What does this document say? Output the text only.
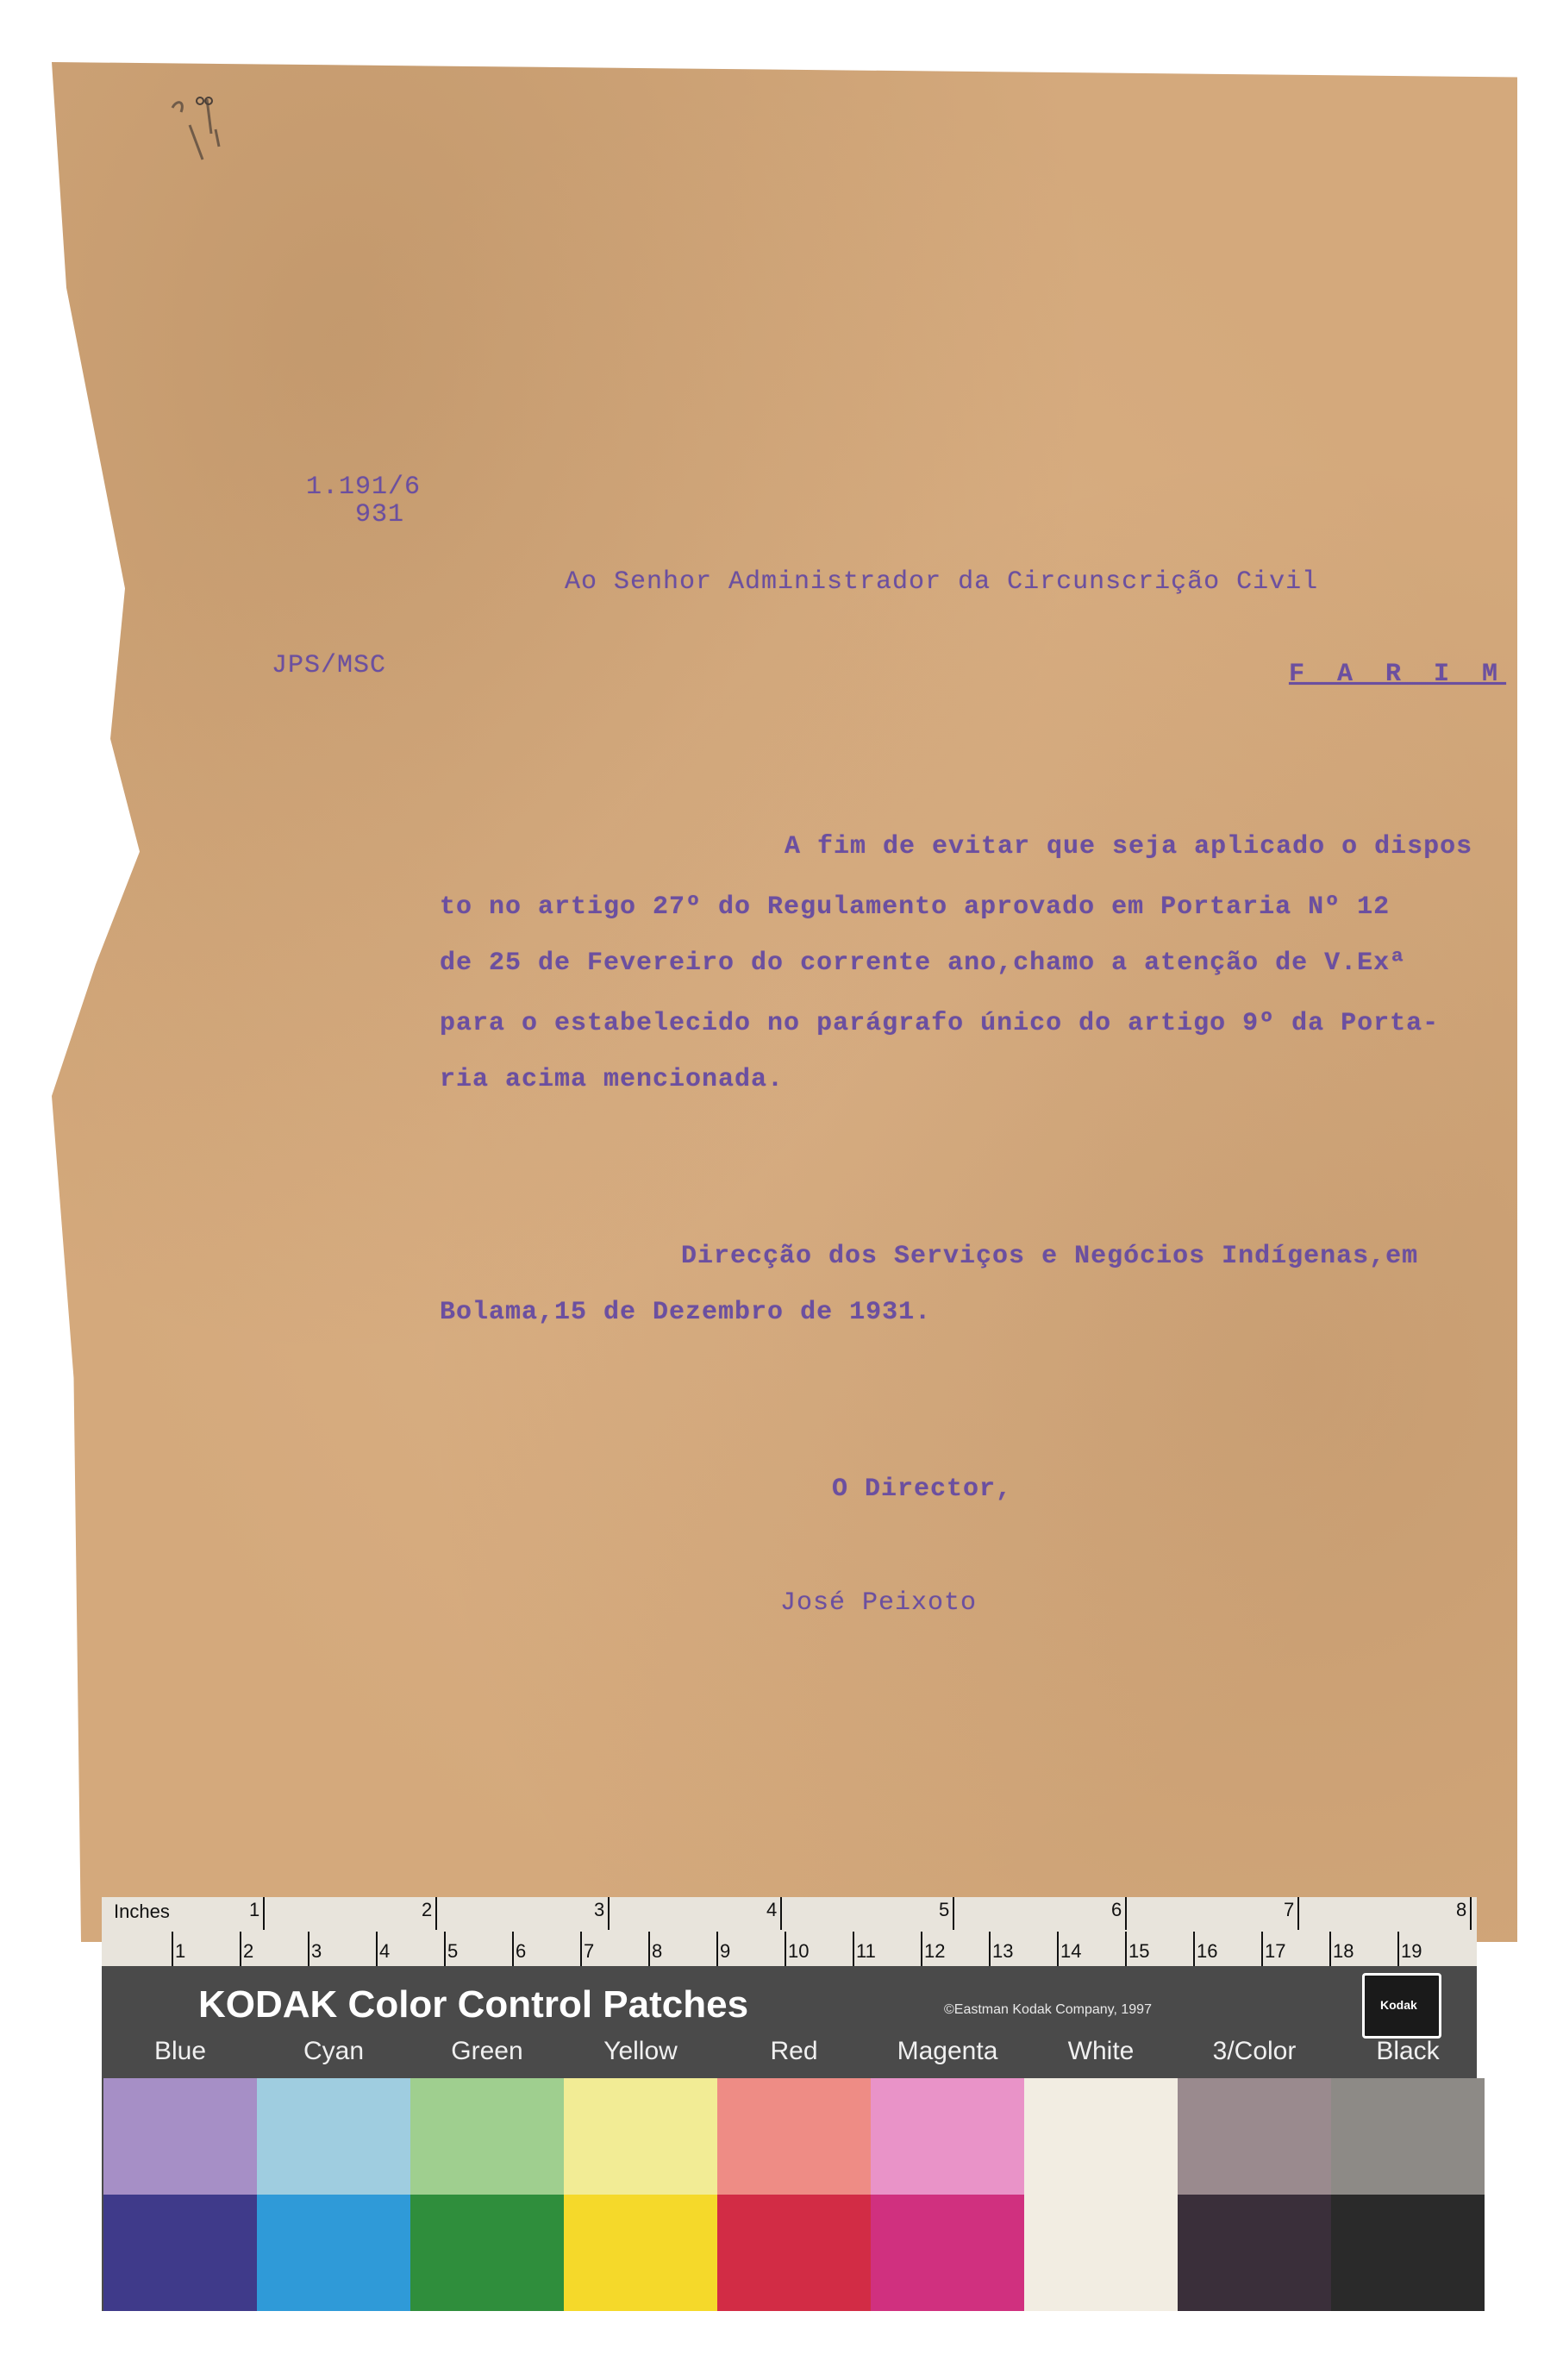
1.191/6
931
JPS/MSC
Ao Senhor Administrador da Circunscrição Civil
F A R I M
A fim de evitar que seja aplicado o dispos
to no artigo 27º do Regulamento aprovado em Portaria Nº 12
de 25 de Fevereiro do corrente ano,chamo a atenção de V.Exª
para o estabelecido no parágrafo único do artigo 9º da Porta-
ria acima mencionada.
Direcção dos Serviços e Negócios Indígenas,em
Bolama,15 de Dezembro de 1931.
O Director,
José Peixoto
Inches	1	2	3	4	5	6	7	8
1	2	3	4	5	6	7	8	9	10 11	12 13 14 15 16 17 18 19
KODAK Color Control Patches	©Eastman Kodak Company, 1997	Kodak
Blue	Cyan	Green	Yellow	Red	Magenta	White	3/Color	Black
